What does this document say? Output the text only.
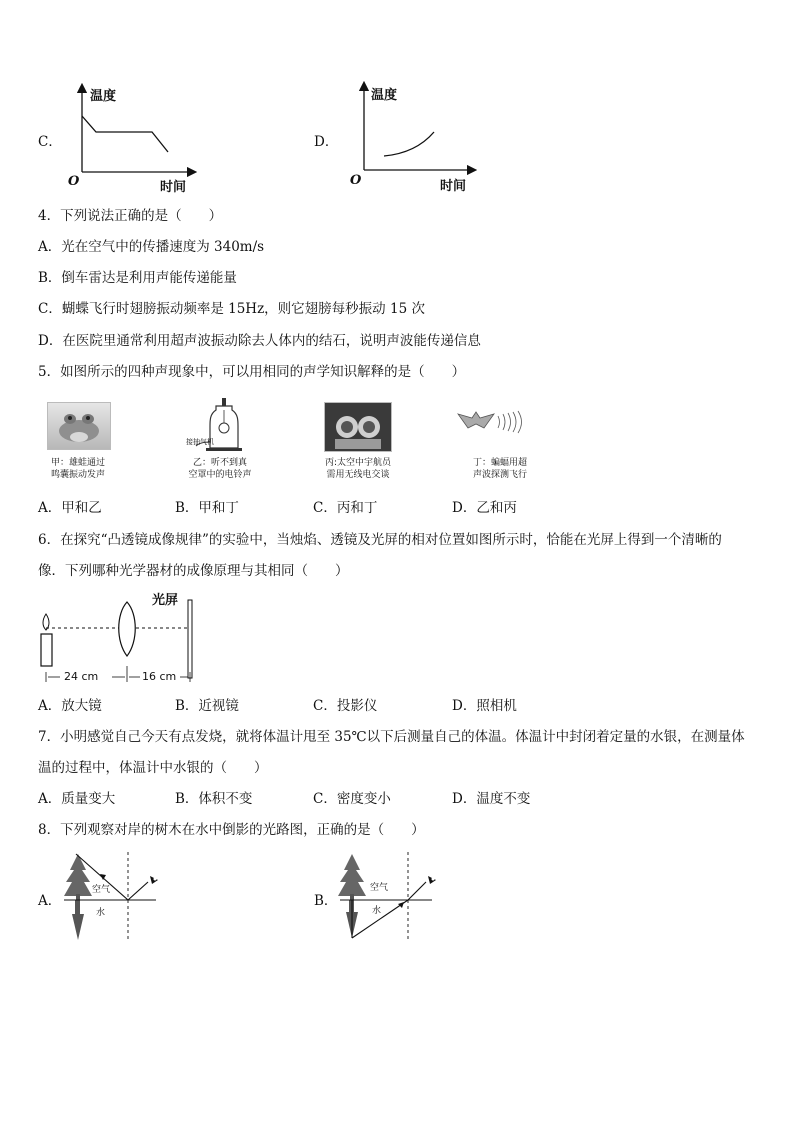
C．
温度
时间
O
D．
温度
时间
O
4．下列说法正确的是（　　）
A．光在空气中的传播速度为 340m/s
B．倒车雷达是利用声能传递能量
C．蝴蝶飞行时翅膀振动频率是 15Hz，则它翅膀每秒振动 15 次
D．在医院里通常利用超声波振动除去人体内的结石，说明声波能传递信息
5．如图所示的四种声现象中，可以用相同的声学知识解释的是（　　）
甲：雄蛙通过
鸣囊振动发声
接抽气机
乙：听不到真
空罩中的电铃声
丙:太空中宇航员
需用无线电交谈
丁：蝙蝠用超
声波探测飞行
A．甲和乙	B．甲和丁	C．丙和丁	D．乙和丙
6．在探究“凸透镜成像规律”的实验中，当烛焰、透镜及光屏的相对位置如图所示时，恰能在光屏上得到一个清晰的
像．下列哪种光学器材的成像原理与其相同（　　）
光屏
24 cm	16 cm
A．放大镜	B．近视镜	C．投影仪	D．照相机
7．小明感觉自己今天有点发烧，就将体温计甩至 35℃以下后测量自己的体温。体温计中封闭着定量的水银，在测量体
温的过程中，体温计中水银的（　　）
A．质量变大	B．体积不变	C．密度变小	D．温度不变
8．下列观察对岸的树木在水中倒影的光路图，正确的是（　　）
A．
空气
水
B．
空气
水
